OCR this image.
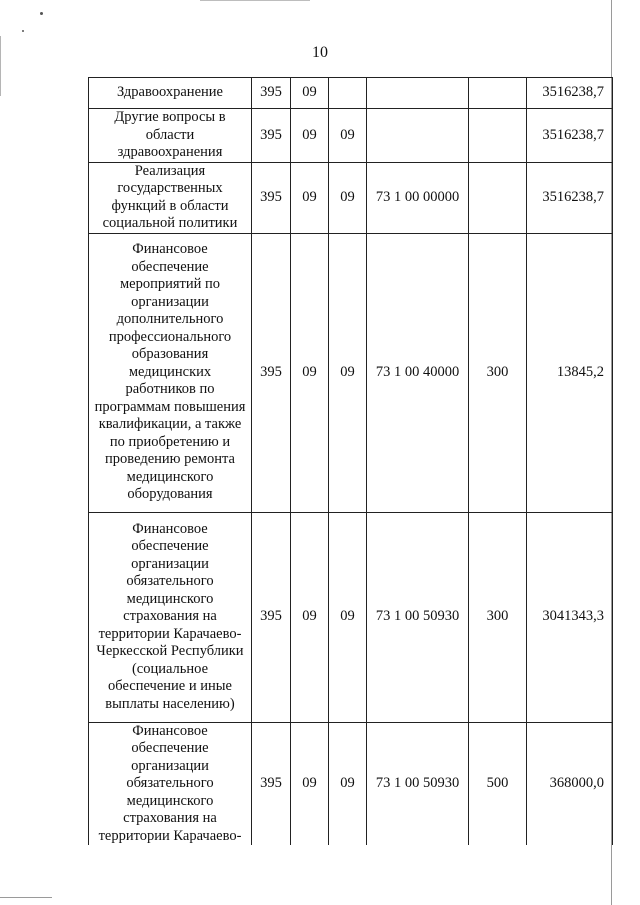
10
Здравоохранение	395	09				3516238,7
Другие вопросы в области здравоохранения	395	09	09			3516238,7
Реализация государственных функций в области социальной политики	395	09	09	73 1 00 00000		3516238,7
Финансовое обеспечение мероприятий по организации дополнительного профессионального образования медицинских работников по программам повышения квалификации, а также по приобретению и проведению ремонта медицинского оборудования	395	09	09	73 1 00 40000	300	13845,2
Финансовое обеспечение организации обязательного медицинского страхования на территории Карачаево-Черкесской Республики (социальное обеспечение и иные выплаты населению)	395	09	09	73 1 00 50930	300	3041343,3
Финансовое обеспечение организации обязательного медицинского страхования на территории Карачаево-	395	09	09	73 1 00 50930	500	368000,0
